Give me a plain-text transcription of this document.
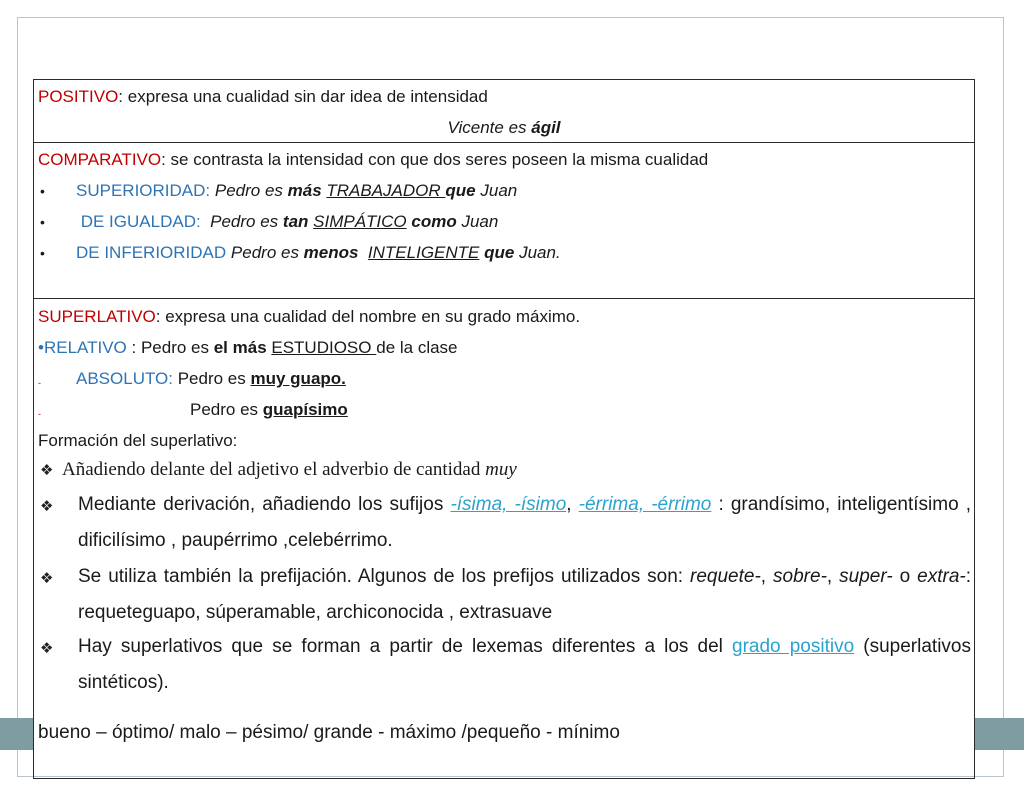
POSITIVO: expresa una cualidad sin dar idea de intensidad
Vicente es ágil
COMPARATIVO: se contrasta la intensidad con que dos seres poseen la misma cualidad
• SUPERIORIDAD: Pedro es más TRABAJADOR que Juan
• DE IGUALDAD:  Pedro es tan SIMPÁTICO como Juan
• DE INFERIORIDAD Pedro es menos  INTELIGENTE que Juan.
SUPERLATIVO: expresa una cualidad del nombre en su grado máximo.
•RELATIVO : Pedro es el más ESTUDIOSO de la clase
- ABSOLUTO: Pedro es muy guapo.
-	Pedro es guapísimo
Formación del superlativo:
❖ Añadiendo delante del adjetivo el adverbio de cantidad muy
❖ Mediante derivación, añadiendo los sufijos -ísima, -ísimo, -érrima, -érrimo : grandísimo, inteligentísimo , dificilísimo , paupérrimo ,celebérrimo.
❖ Se utiliza también la prefijación. Algunos de los prefijos utilizados son: requete-, sobre-, super- o extra-: requeteguapo, súperamable, archiconocida , extrasuave
❖ Hay superlativos que se forman a partir de lexemas diferentes a los del grado positivo (superlativos sintéticos).
bueno – óptimo/ malo – pésimo/ grande - máximo /pequeño - mínimo
